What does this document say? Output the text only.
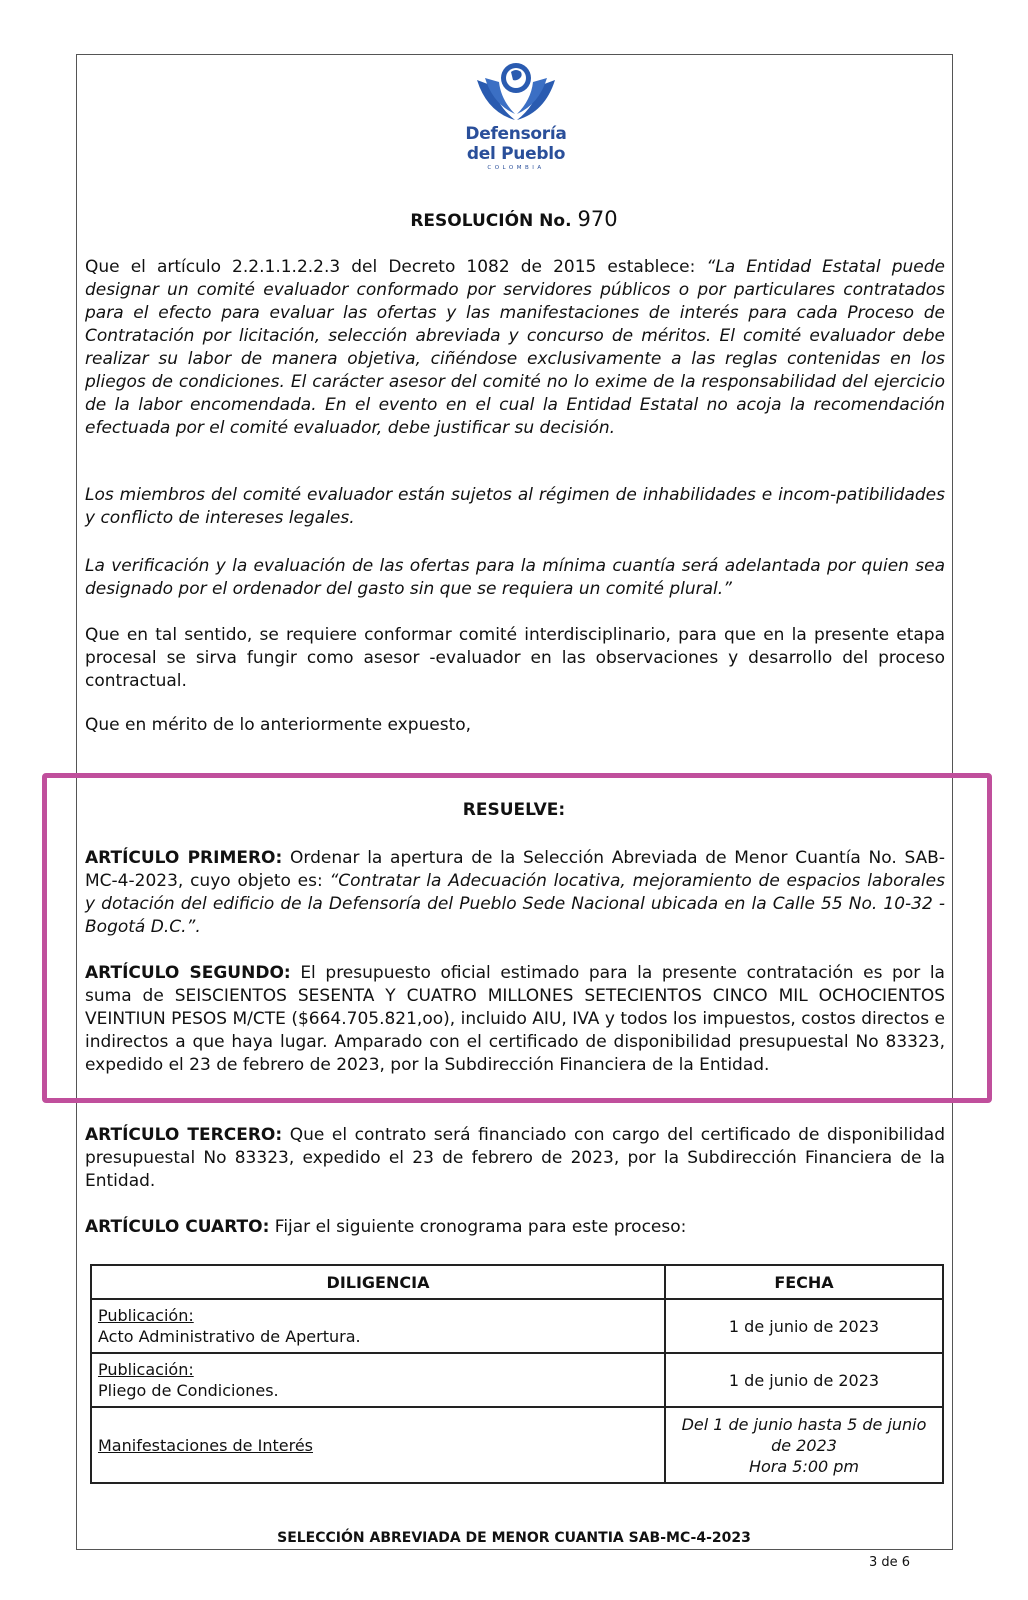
Defensoría
del Pueblo
COLOMBIA
RESOLUCIÓN No. 970

Que el artículo 2.2.1.1.2.2.3 del Decreto 1082 de 2015 establece: “La Entidad Estatal puede designar un comité evaluador conformado por servidores públicos o por particulares contratados para el efecto para evaluar las ofertas y las manifestaciones de interés para cada Proceso de Contratación por licitación, selección abreviada y concurso de méritos. El comité evaluador debe realizar su labor de manera objetiva, ciñéndose exclusivamente a las reglas contenidas en los pliegos de condiciones. El carácter asesor del comité no lo exime de la responsabilidad del ejercicio de la labor encomendada. En el evento en el cual la Entidad Estatal no acoja la recomendación efectuada por el comité evaluador, debe justificar su decisión.

Los miembros del comité evaluador están sujetos al régimen de inhabilidades e incom-patibilidades y conflicto de intereses legales.

La verificación y la evaluación de las ofertas para la mínima cuantía será adelantada por quien sea designado por el ordenador del gasto sin que se requiera un comité plural.”

Que en tal sentido, se requiere conformar comité interdisciplinario, para que en la presente etapa procesal se sirva fungir como asesor -evaluador en las observaciones y desarrollo del proceso contractual.

Que en mérito de lo anteriormente expuesto,

RESUELVE:

ARTÍCULO PRIMERO: Ordenar la apertura de la Selección Abreviada de Menor Cuantía No. SAB-MC-4-2023, cuyo objeto es: “Contratar la Adecuación locativa, mejoramiento de espacios laborales y dotación del edificio de la Defensoría del Pueblo Sede Nacional ubicada en la Calle 55 No. 10-32 - Bogotá D.C.”.

ARTÍCULO SEGUNDO: El presupuesto oficial estimado para la presente contratación es por la suma de SEISCIENTOS SESENTA Y CUATRO MILLONES SETECIENTOS CINCO MIL OCHOCIENTOS VEINTIUN PESOS M/CTE ($664.705.821,oo), incluido AIU, IVA y todos los impuestos, costos directos e indirectos a que haya lugar. Amparado con el certificado de disponibilidad presupuestal No 83323, expedido el 23 de febrero de 2023, por la Subdirección Financiera de la Entidad.

ARTÍCULO TERCERO: Que el contrato será financiado con cargo del certificado de disponibilidad presupuestal No 83323, expedido el 23 de febrero de 2023, por la Subdirección Financiera de la Entidad.

ARTÍCULO CUARTO: Fijar el siguiente cronograma para este proceso:

DILIGENCIA	FECHA
Publicación:
Acto Administrativo de Apertura.	1 de junio de 2023
Publicación:
Pliego de Condiciones.	1 de junio de 2023
Manifestaciones de Interés	Del 1 de junio hasta 5 de junio de 2023
Hora 5:00 pm
SELECCIÓN ABREVIADA DE MENOR CUANTIA SAB-MC-4-2023
3 de 6
